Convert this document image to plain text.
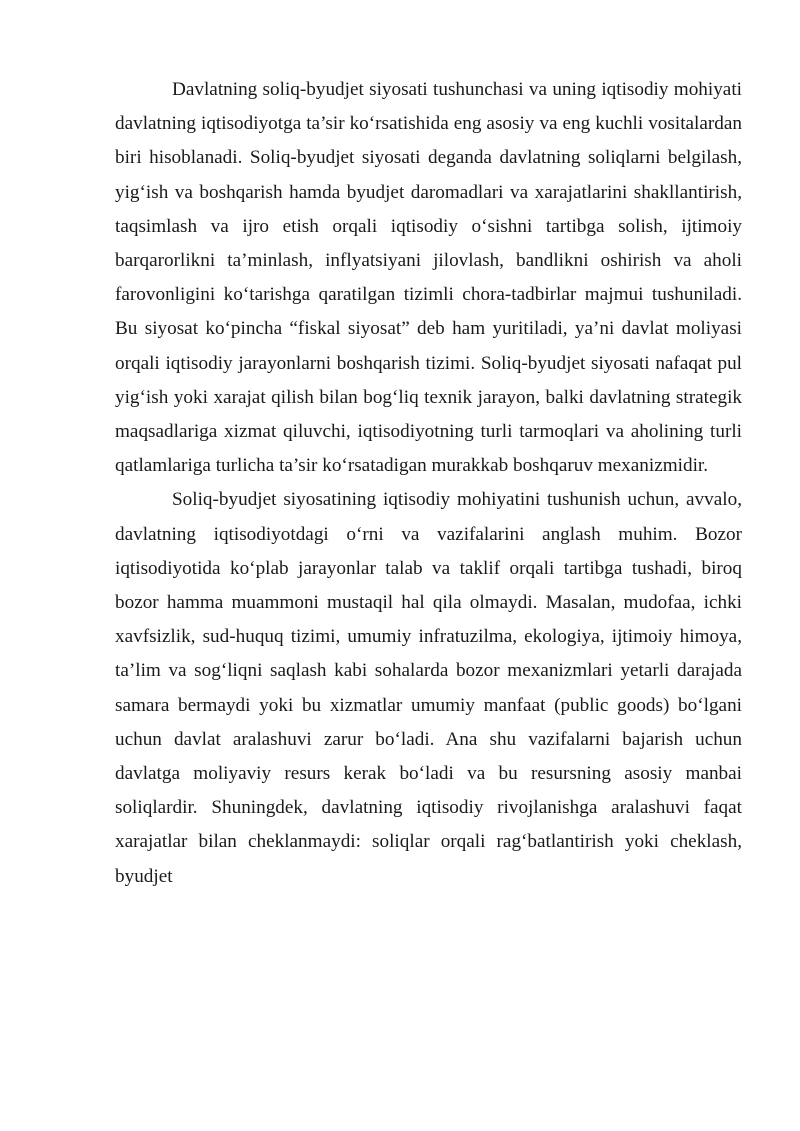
Davlatning soliq-byudjet siyosati tushunchasi va uning iqtisodiy mohiyati davlatning iqtisodiyotga ta’sir ko‘rsatishida eng asosiy va eng kuchli vositalardan biri hisoblanadi. Soliq-byudjet siyosati deganda davlatning soliqlarni belgilash, yig‘ish va boshqarish hamda byudjet daromadlari va xarajatlarini shakllantirish, taqsimlash va ijro etish orqali iqtisodiy o‘sishni tartibga solish, ijtimoiy barqarorlikni ta’minlash, inflyatsiyani jilovlash, bandlikni oshirish va aholi farovonligini ko‘tarishga qaratilgan tizimli chora-tadbirlar majmui tushuniladi. Bu siyosat ko‘pincha “fiskal siyosat” deb ham yuritiladi, ya’ni davlat moliyasi orqali iqtisodiy jarayonlarni boshqarish tizimi. Soliq-byudjet siyosati nafaqat pul yig‘ish yoki xarajat qilish bilan bog‘liq texnik jarayon, balki davlatning strategik maqsadlariga xizmat qiluvchi, iqtisodiyotning turli tarmoqlari va aholining turli qatlamlariga turlicha ta’sir ko‘rsatadigan murakkab boshqaruv mexanizmidir.

Soliq-byudjet siyosatining iqtisodiy mohiyatini tushunish uchun, avvalo, davlatning iqtisodiyotdagi o‘rni va vazifalarini anglash muhim. Bozor iqtisodiyotida ko‘plab jarayonlar talab va taklif orqali tartibga tushadi, biroq bozor hamma muammoni mustaqil hal qila olmaydi. Masalan, mudofaa, ichki xavfsizlik, sud-huquq tizimi, umumiy infratuzilma, ekologiya, ijtimoiy himoya, ta’lim va sog‘liqni saqlash kabi sohalarda bozor mexanizmlari yetarli darajada samara bermaydi yoki bu xizmatlar umumiy manfaat (public goods) bo‘lgani uchun davlat aralashuvi zarur bo‘ladi. Ana shu vazifalarni bajarish uchun davlatga moliyaviy resurs kerak bo‘ladi va bu resursning asosiy manbai soliqlardir. Shuningdek, davlatning iqtisodiy rivojlanishga aralashuvi faqat xarajatlar bilan cheklanmaydi: soliqlar orqali rag‘batlantirish yoki cheklash, byudjet
